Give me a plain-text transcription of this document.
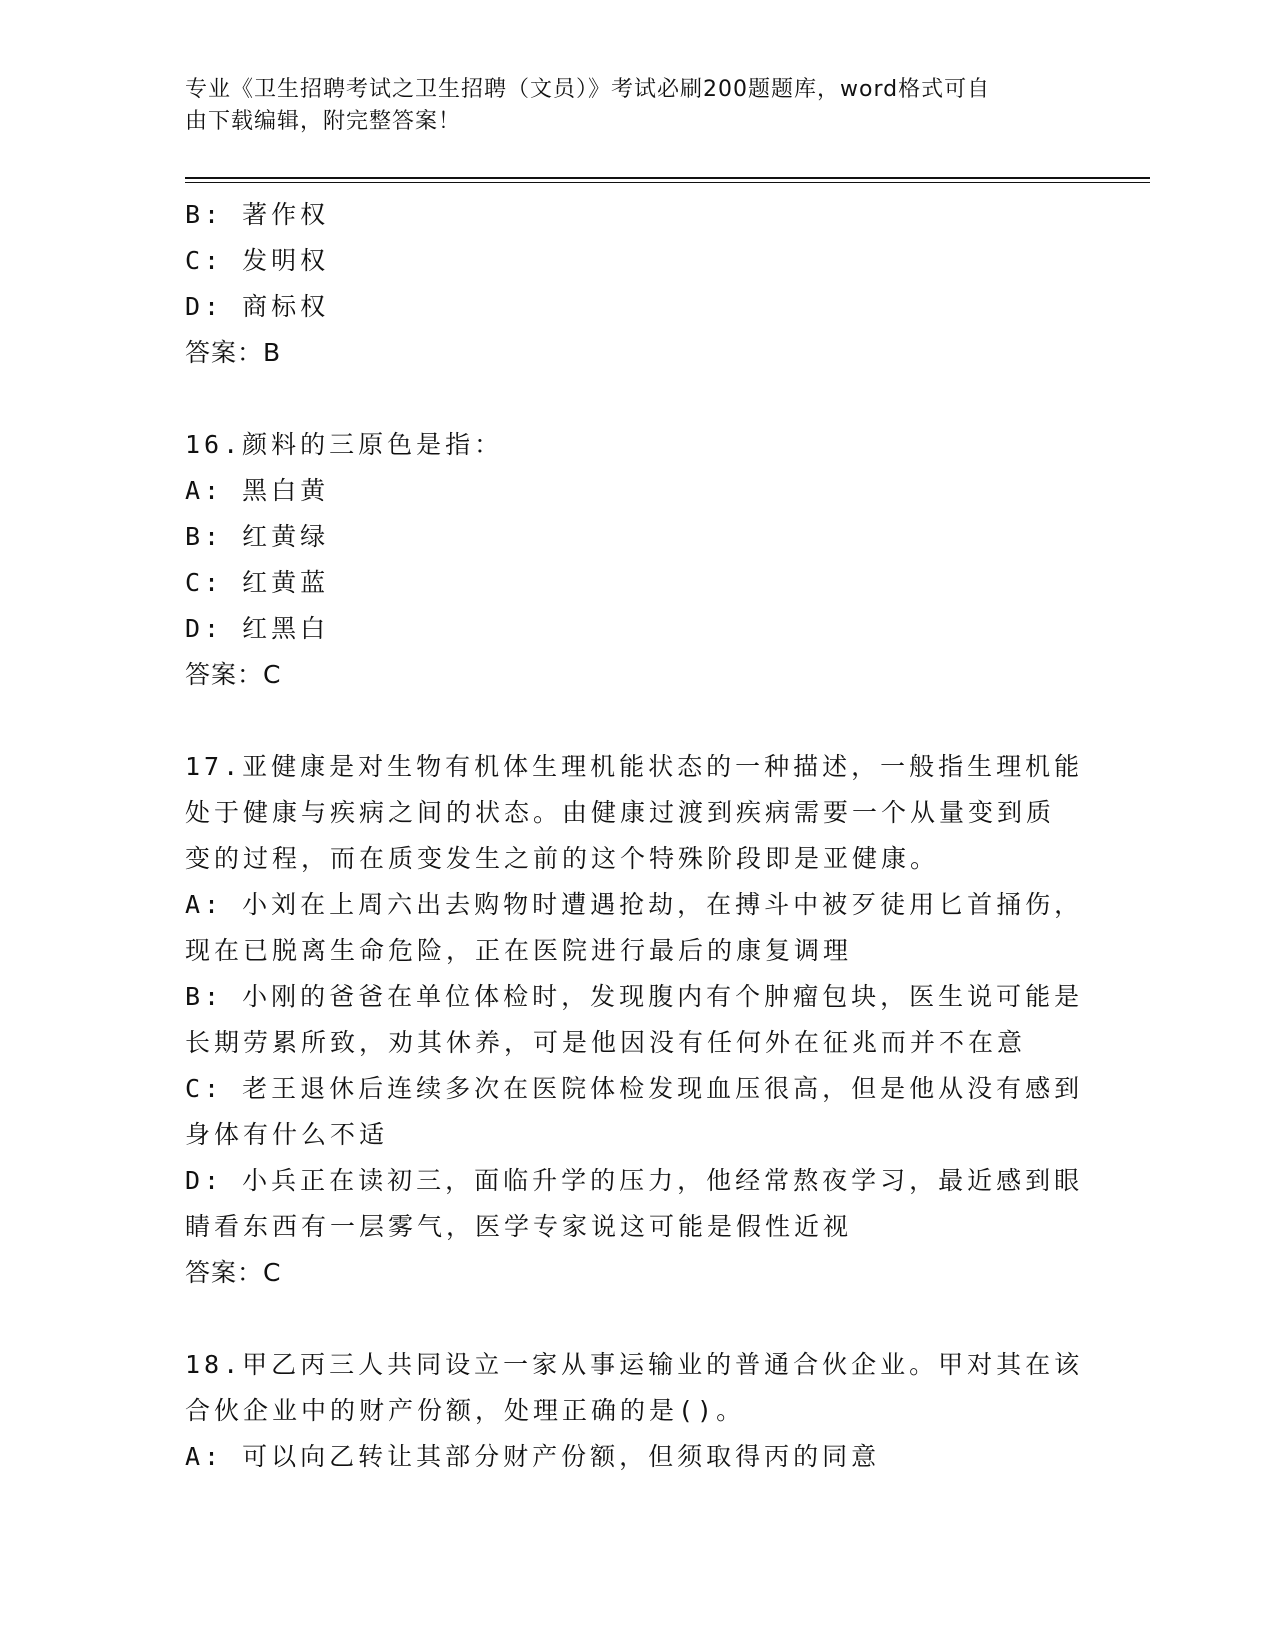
专业《卫生招聘考试之卫生招聘（文员）》考试必刷200题题库，word格式可自
由下载编辑，附完整答案！
B: 著作权
C: 发明权
D: 商标权
答案：B
16.颜料的三原色是指：
A: 黑白黄
B: 红黄绿
C: 红黄蓝
D: 红黑白
答案：C
17.亚健康是对生物有机体生理机能状态的一种描述，一般指生理机能
处于健康与疾病之间的状态。由健康过渡到疾病需要一个从量变到质
变的过程，而在质变发生之前的这个特殊阶段即是亚健康。
A: 小刘在上周六出去购物时遭遇抢劫，在搏斗中被歹徒用匕首捅伤，
现在已脱离生命危险，正在医院进行最后的康复调理
B: 小刚的爸爸在单位体检时，发现腹内有个肿瘤包块，医生说可能是
长期劳累所致，劝其休养，可是他因没有任何外在征兆而并不在意
C: 老王退休后连续多次在医院体检发现血压很高，但是他从没有感到
身体有什么不适
D: 小兵正在读初三，面临升学的压力，他经常熬夜学习，最近感到眼
睛看东西有一层雾气，医学专家说这可能是假性近视
答案：C
18.甲乙丙三人共同设立一家从事运输业的普通合伙企业。甲对其在该
合伙企业中的财产份额，处理正确的是()。
A: 可以向乙转让其部分财产份额，但须取得丙的同意
